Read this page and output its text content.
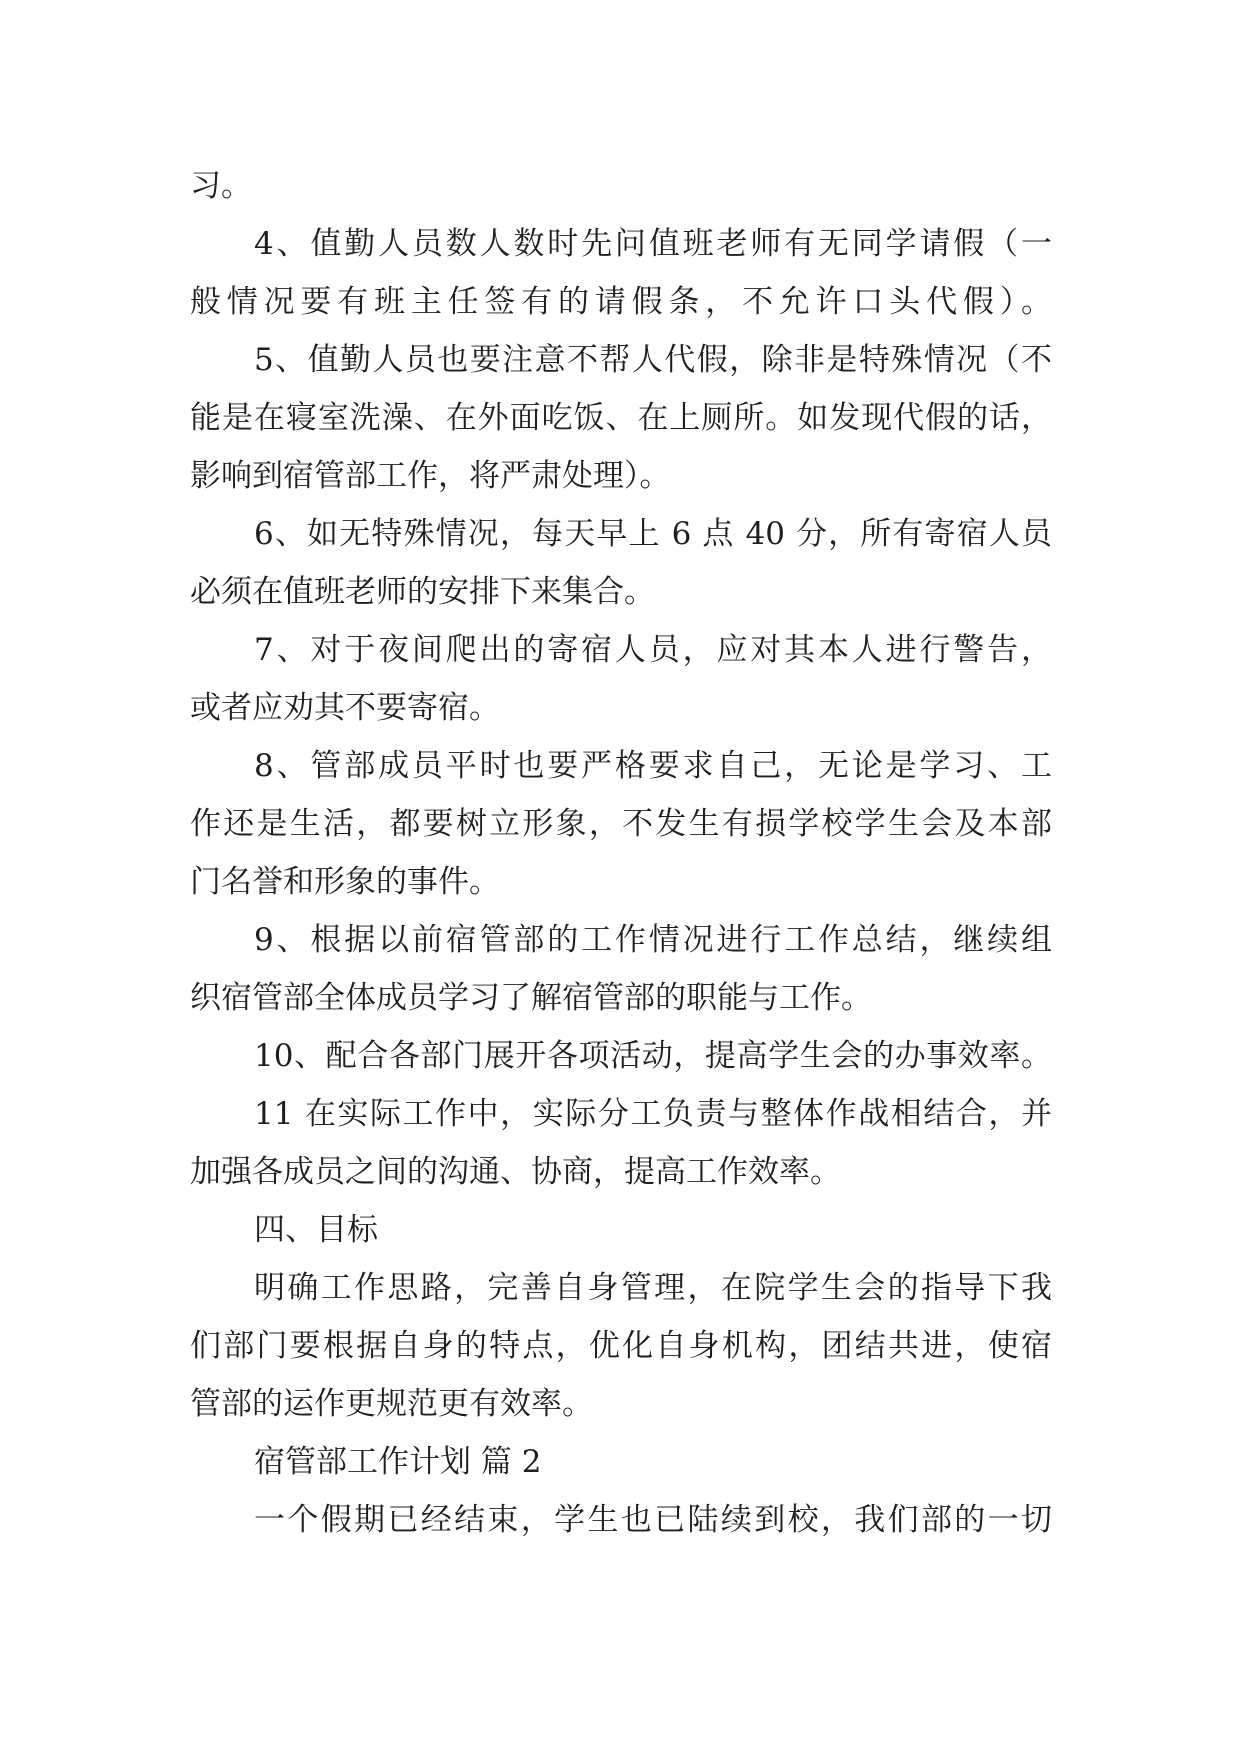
习。
4、值勤人员数人数时先问值班老师有无同学请假（一
般情况要有班主任签有的请假条，不允许口头代假）。
5、值勤人员也要注意不帮人代假，除非是特殊情况（不
能是在寝室洗澡、在外面吃饭、在上厕所。如发现代假的话，
影响到宿管部工作，将严肃处理）。
6、如无特殊情况，每天早上 6 点 40 分，所有寄宿人员
必须在值班老师的安排下来集合。
7、对于夜间爬出的寄宿人员，应对其本人进行警告，
或者应劝其不要寄宿。
8、管部成员平时也要严格要求自己，无论是学习、工
作还是生活，都要树立形象，不发生有损学校学生会及本部
门名誉和形象的事件。
9、根据以前宿管部的工作情况进行工作总结，继续组
织宿管部全体成员学习了解宿管部的职能与工作。
10、配合各部门展开各项活动，提高学生会的办事效率。
11 在实际工作中，实际分工负责与整体作战相结合，并
加强各成员之间的沟通、协商，提高工作效率。
四、目标
明确工作思路，完善自身管理，在院学生会的指导下我
们部门要根据自身的特点，优化自身机构，团结共进，使宿
管部的运作更规范更有效率。
宿管部工作计划 篇 2
一个假期已经结束，学生也已陆续到校，我们部的一切
